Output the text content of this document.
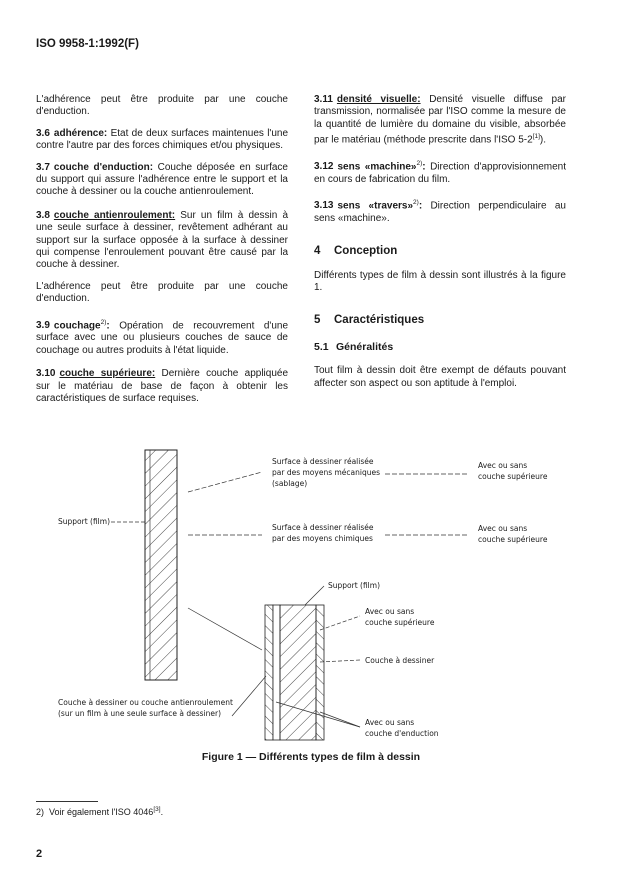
ISO 9958-1:1992(F)

L'adhérence peut être produite par une couche d'enduction.

3.6 adhérence: Etat de deux surfaces maintenues l'une contre l'autre par des forces chimiques et/ou physiques.

3.7 couche d'enduction: Couche déposée en surface du support qui assure l'adhérence entre le support et la couche à dessiner ou la couche antienroulement.

3.8 couche antienroulement: Sur un film à dessin à une seule surface à dessiner, revêtement adhérant au support sur la surface opposée à la surface à dessiner qui compense l'enroulement pouvant être causé par la couche à dessiner.

L'adhérence peut être produite par une couche d'enduction.

3.9 couchage$^{2)}$: Opération de recouvrement d'une surface avec une ou plusieurs couches de sauce de couchage ou autres produits à l'état liquide.

3.10 couche supérieure: Dernière couche appliquée sur le matériau de base de façon à obtenir les caractéristiques de surface requises.

3.11 densité visuelle: Densité visuelle diffuse par transmission, normalisée par l'ISO comme la mesure de la quantité de lumière du domaine du visible, absorbée par le matériau (méthode prescrite dans l'ISO 5-2[1]).

3.12 sens «machine»$^{2)}$: Direction d'approvisionnement en cours de fabrication du film.

3.13 sens «travers»$^{2)}$: Direction perpendiculaire au sens «machine».

4 Conception

Différents types de film à dessin sont illustrés à la figure 1.

5 Caractéristiques
5.1 Généralités

Tout film à dessin doit être exempt de défauts pouvant affecter son aspect ou son aptitude à l'emploi.

Surface à dessiner réalisée
par des moyens mécaniques
(sablage)
Avec ou sans
couche supérieure
Support (film)
Surface à dessiner réalisée
par des moyens chimiques
Avec ou sans
couche supérieure
Support (film)
Avec ou sans
couche supérieure
Couche à dessiner
Couche à dessiner ou couche antienroulement
(sur un film à une seule surface à dessiner)
Avec ou sans
couche d'enduction
Figure 1 — Différents types de film à dessin
2) Voir également l'ISO 4046[3].
2
